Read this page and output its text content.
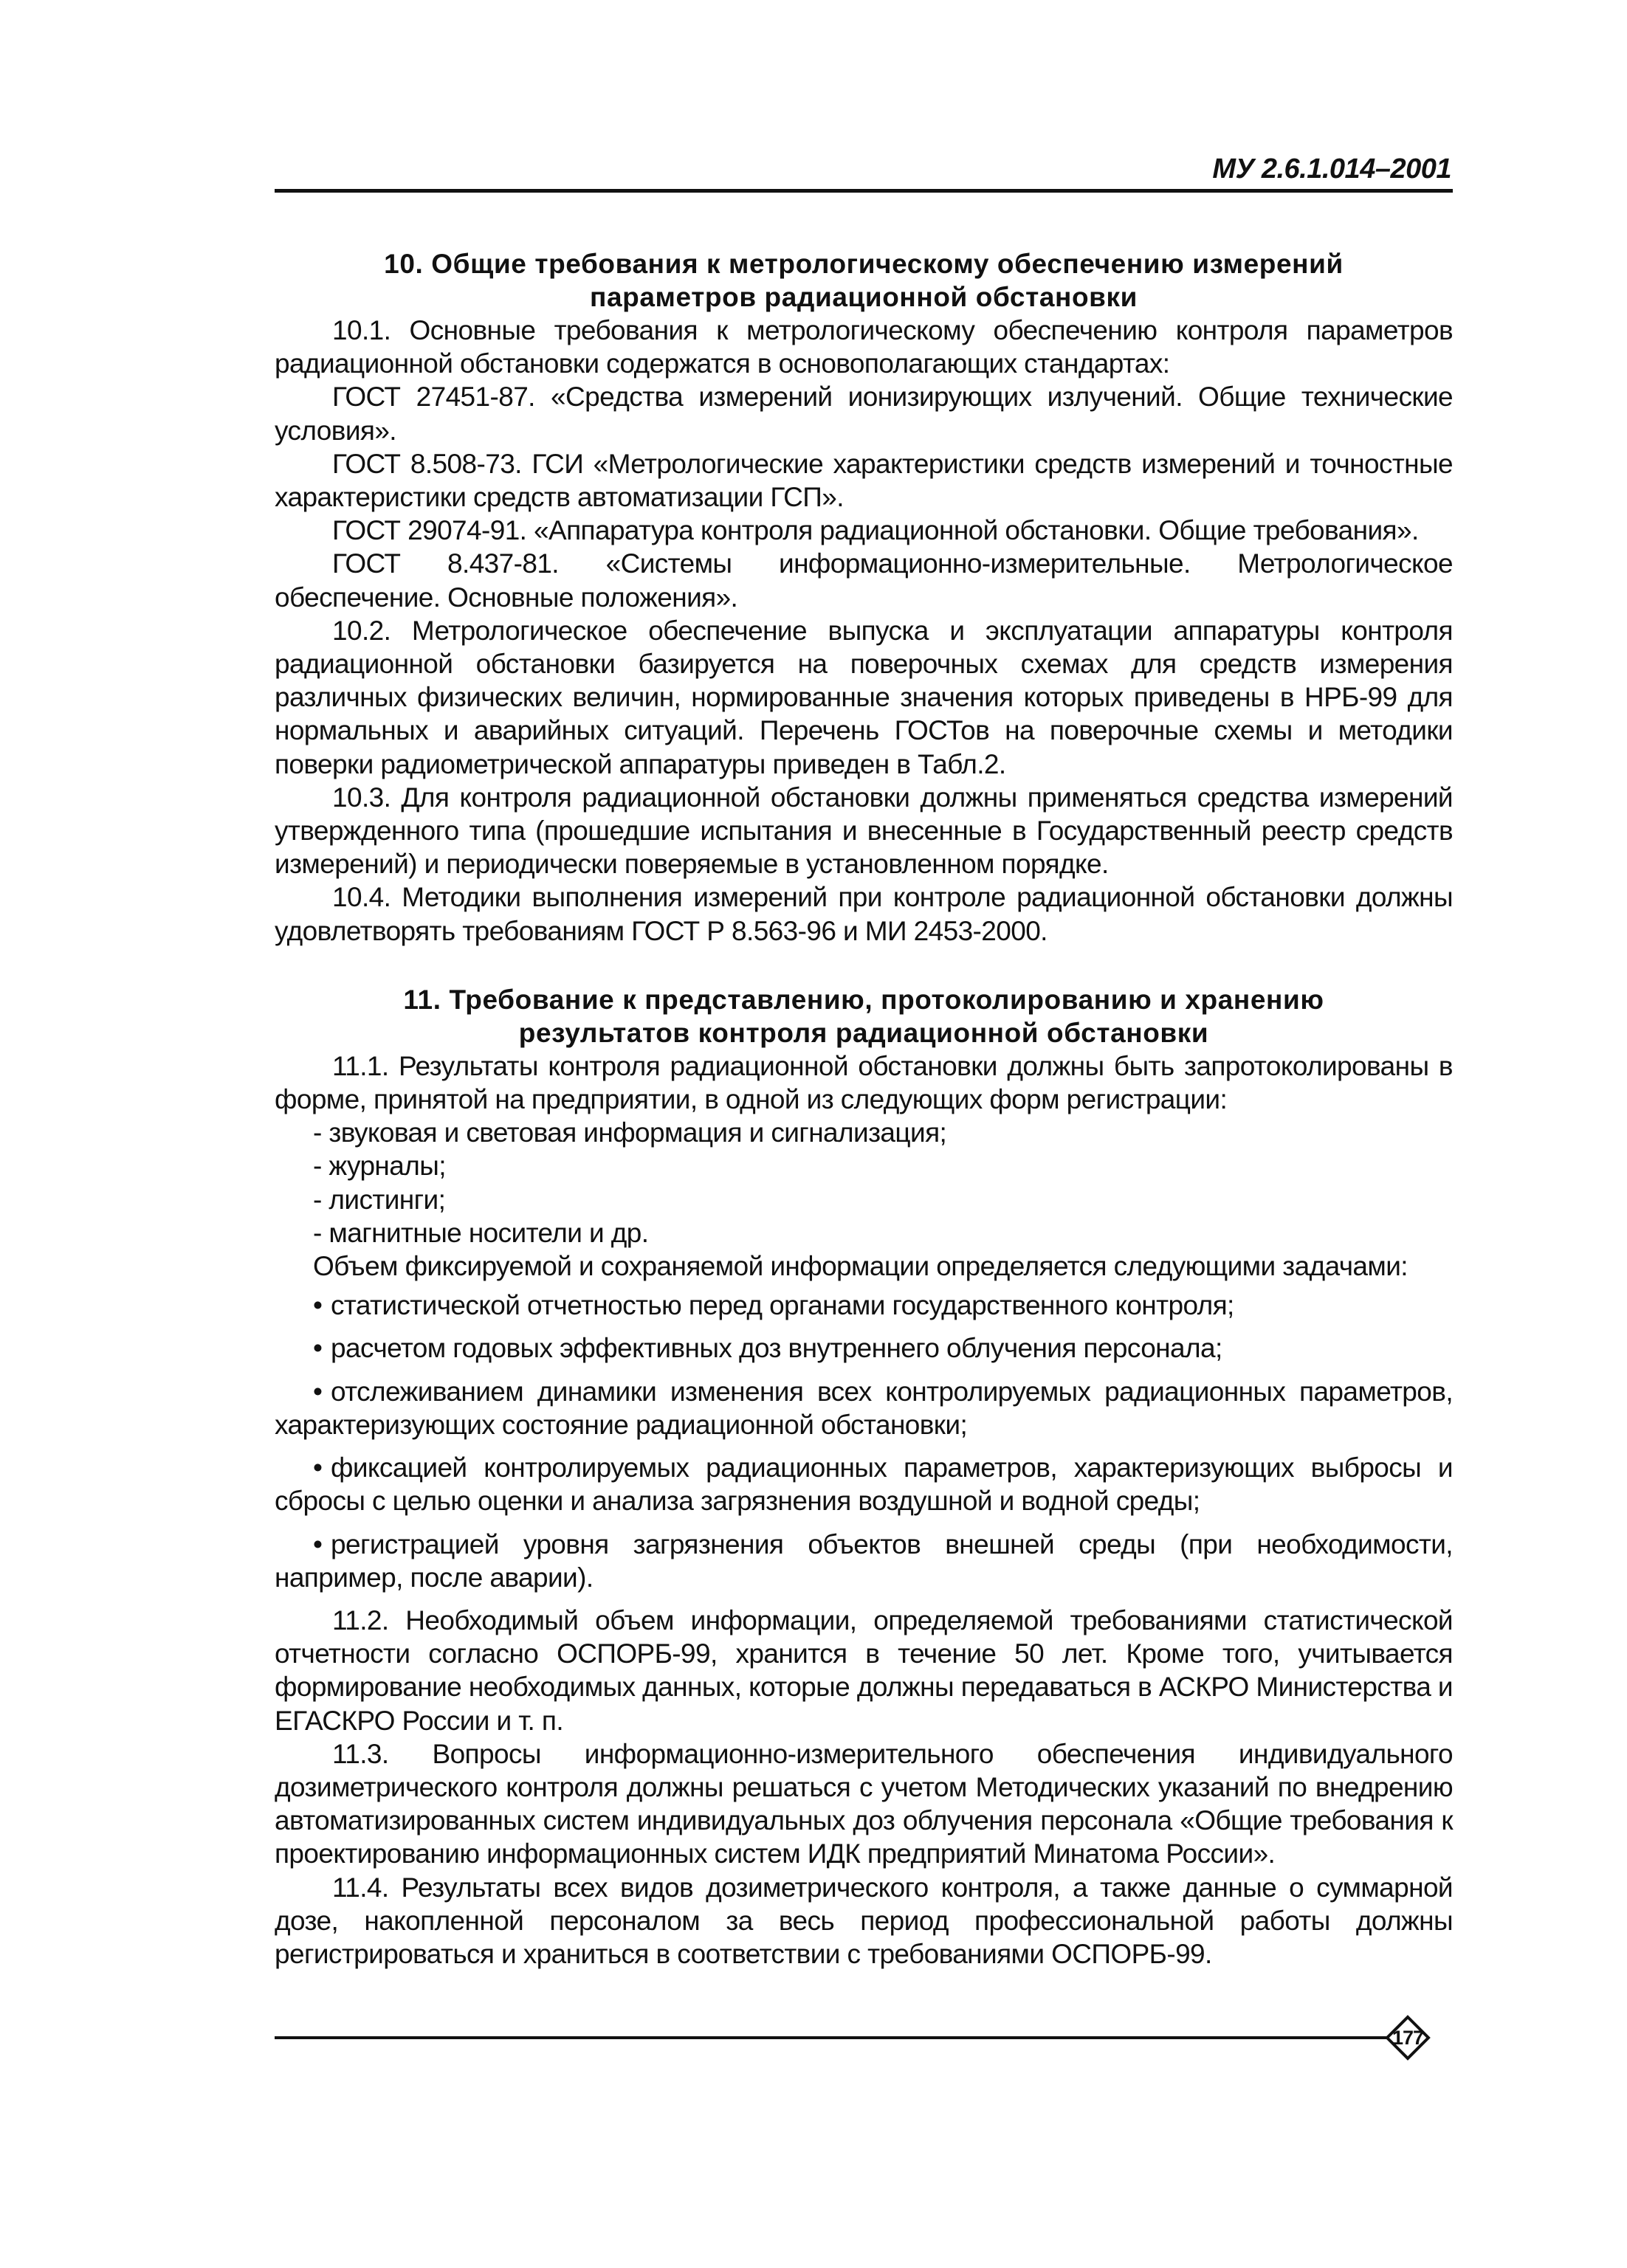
МУ 2.6.1.014–2001
10. Общие требования к метрологическому обеспечению измерений
параметров радиационной обстановки

10.1. Основные требования к метрологическому обеспечению контроля параметров радиационной обстановки содержатся в основополагающих стандартах:

ГОСТ 27451-87. «Средства измерений ионизирующих излучений. Общие технические условия».

ГОСТ 8.508-73. ГСИ «Метрологические характеристики средств измерений и точностные характеристики средств автоматизации ГСП».

ГОСТ 29074-91. «Аппаратура контроля радиационной обстановки. Общие требования».

ГОСТ 8.437-81. «Системы информационно-измерительные. Метрологическое обеспечение. Основные положения».

10.2. Метрологическое обеспечение выпуска и эксплуатации аппаратуры контроля радиационной обстановки базируется на поверочных схемах для средств измерения различных физических величин, нормированные значения которых приведены в НРБ-99 для нормальных и аварийных ситуаций. Перечень ГОСТов на поверочные схемы и методики поверки радиометрической аппаратуры приведен в Табл.2.

10.3. Для контроля радиационной обстановки должны применяться средства измерений утвержденного типа (прошедшие испытания и внесенные в Государственный реестр средств измерений) и периодически поверяемые в установленном порядке.

10.4. Методики выполнения измерений при контроле радиационной обстановки должны удовлетворять требованиям ГОСТ Р 8.563-96 и МИ 2453-2000.

11. Требование к представлению, протоколированию и хранению
результатов контроля радиационной обстановки

11.1. Результаты контроля радиационной обстановки должны быть запротоколированы в форме, принятой на предприятии, в одной из следующих форм регистрации:

- звуковая и световая информация и сигнализация;

- журналы;

- листинги;

- магнитные носители и др.

Объем фиксируемой и сохраняемой информации определяется следующими задачами:

• статистической отчетностью перед органами государственного контроля;

• расчетом годовых эффективных доз внутреннего облучения персонала;

• отслеживанием динамики изменения всех контролируемых радиационных параметров, характеризующих состояние радиационной обстановки;

• фиксацией контролируемых радиационных параметров, характеризующих выбросы и сбросы с целью оценки и анализа загрязнения воздушной и водной среды;

• регистрацией уровня загрязнения объектов внешней среды (при необходимости, например, после аварии).

11.2. Необходимый объем информации, определяемой требованиями статистической отчетности согласно ОСПОРБ-99, хранится в течение 50 лет. Кроме того, учитывается формирование необходимых данных, которые должны передаваться в АСКРО Министерства и ЕГАСКРО России и т. п.

11.3. Вопросы информационно-измерительного обеспечения индивидуального дозиметрического контроля должны решаться с учетом Методических указаний по внедрению автоматизированных систем индивидуальных доз облучения персонала «Общие требования к проектированию информационных систем ИДК предприятий Минатома России».

11.4. Результаты всех видов дозиметрического контроля, а также данные о суммарной дозе, накопленной персоналом за весь период профессиональной работы должны регистрироваться и храниться в соответствии с требованиями ОСПОРБ-99.

177
